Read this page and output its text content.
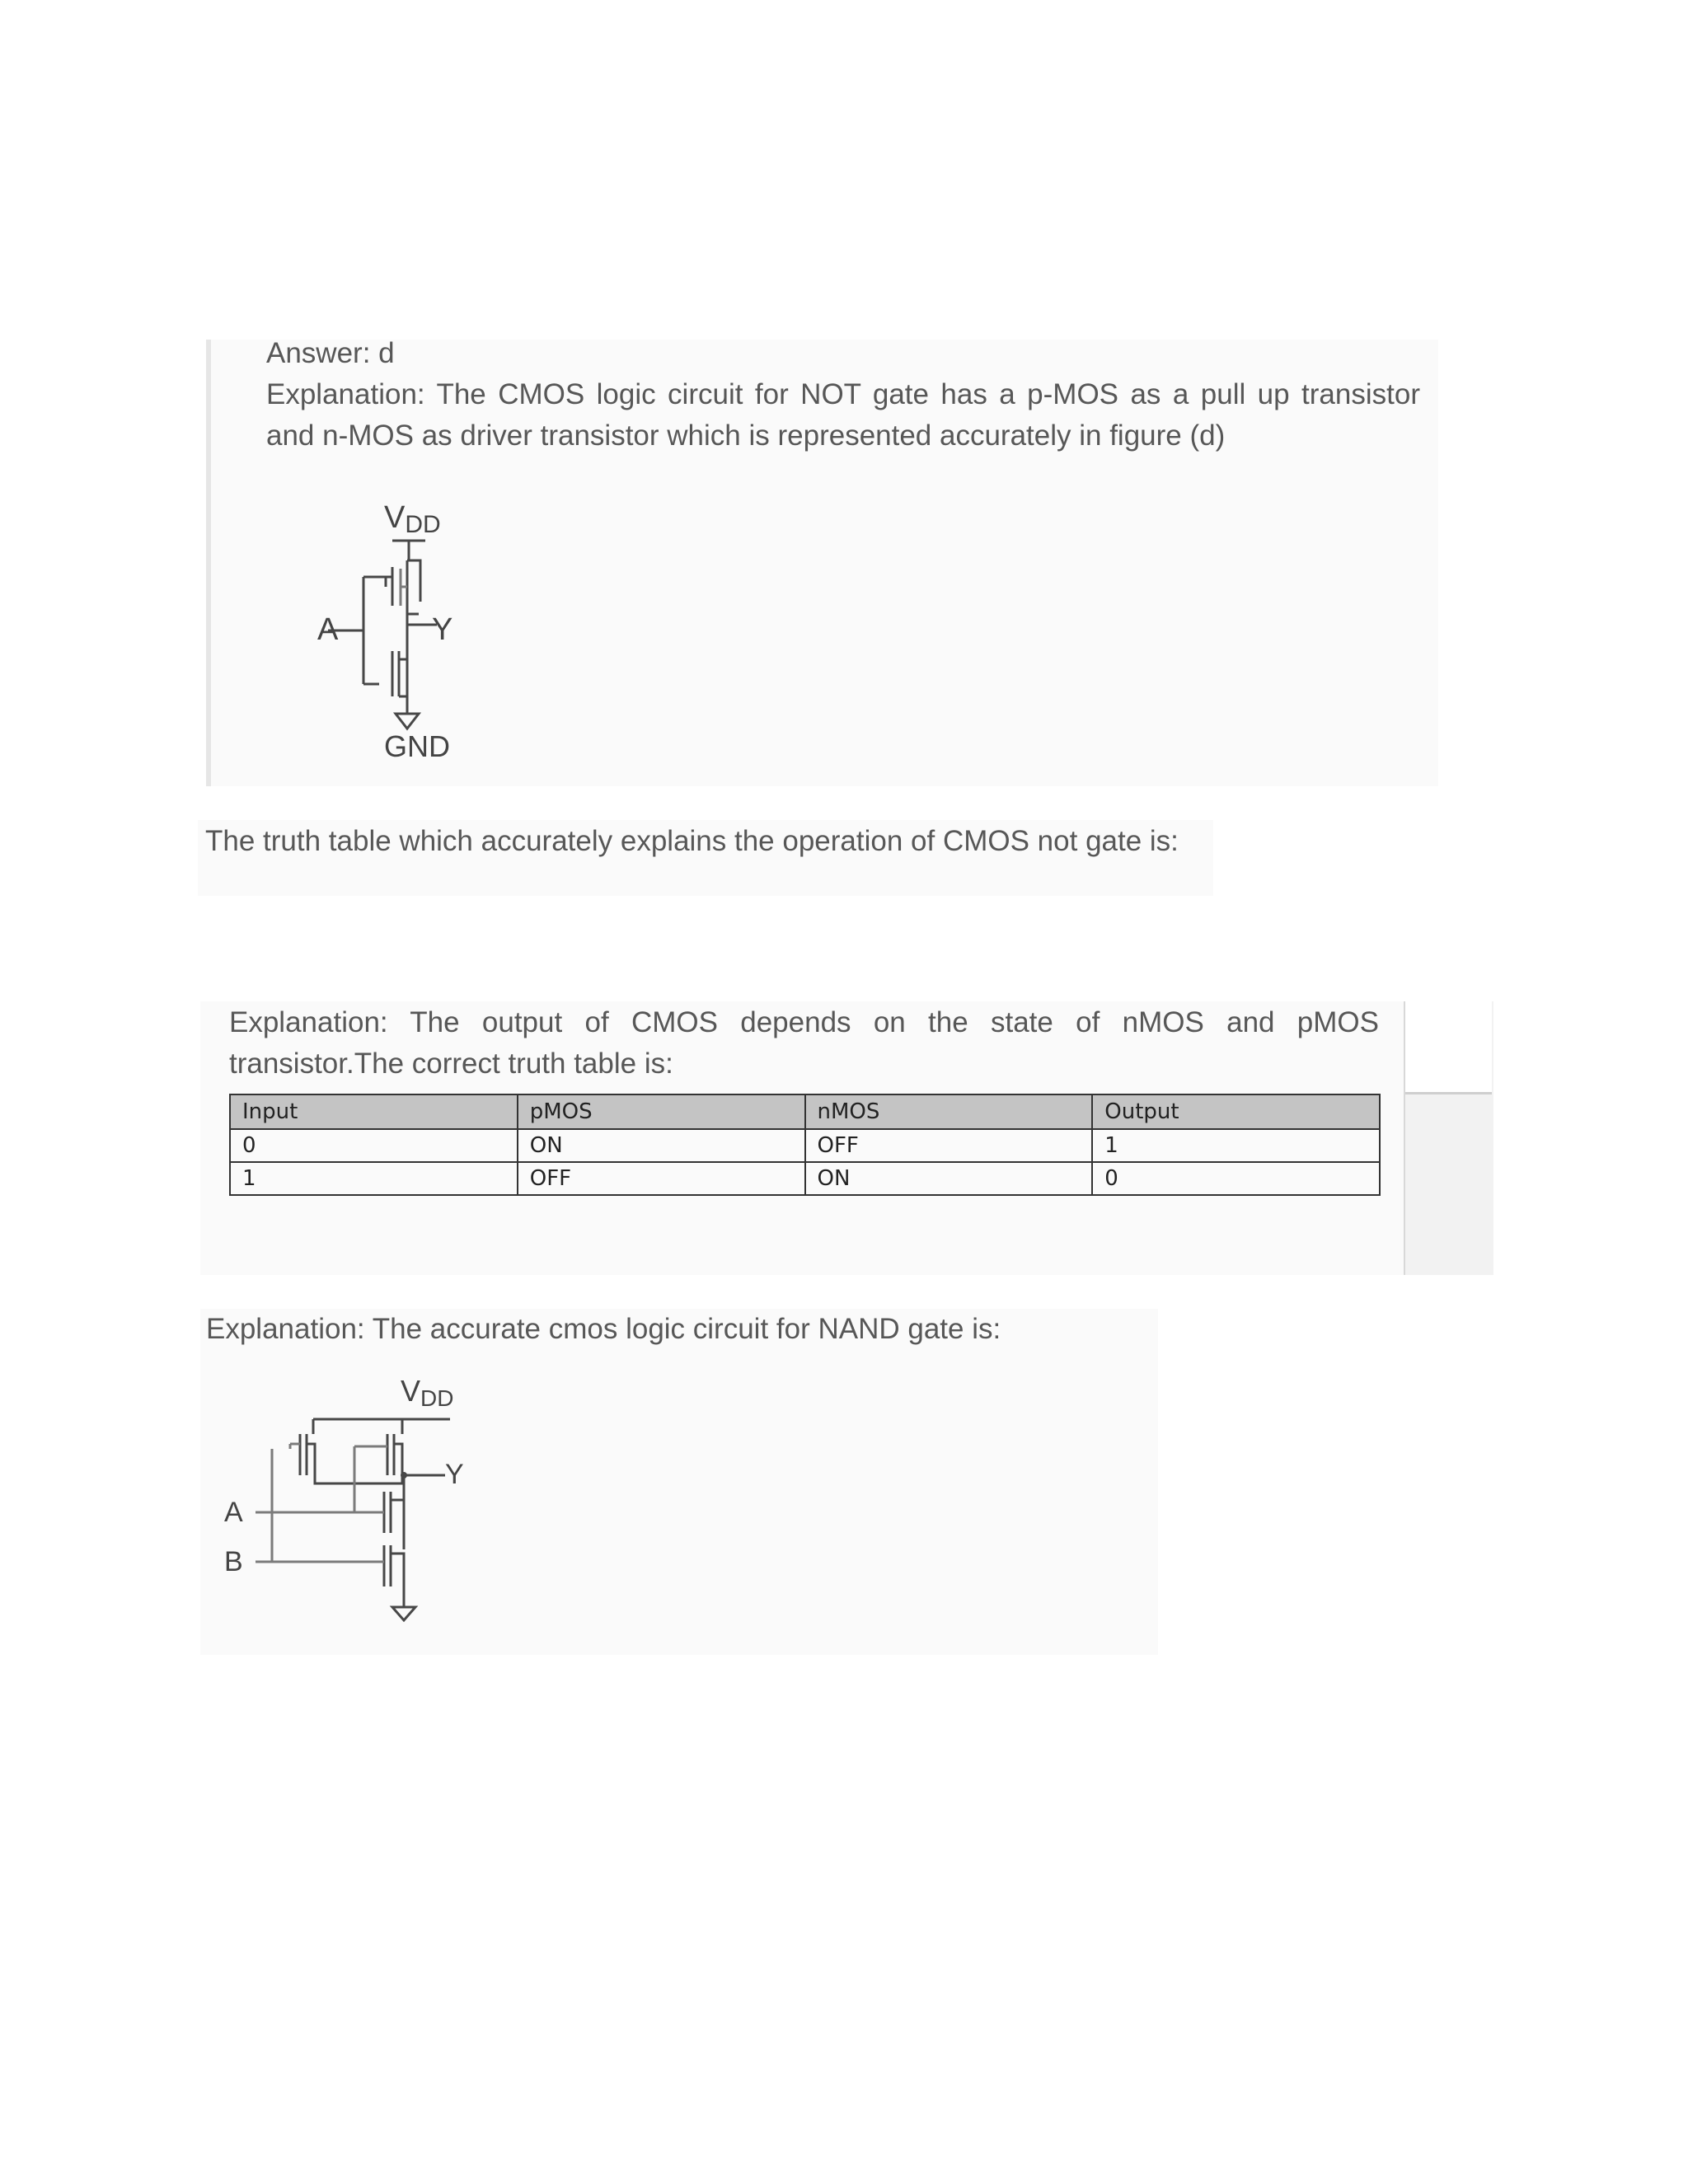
Answer: d
Explanation: The CMOS logic circuit for NOT gate has a p-MOS as a pull up transistor
and n-MOS as driver transistor which is represented accurately in figure (d)
VDD
A	Y
GND
The truth table which accurately explains the operation of CMOS not gate is:
Explanation: The output of CMOS depends on the state of nMOS and pMOS
transistor.The correct truth table is:
Input	pMOS	nMOS	Output
0	ON	OFF	1
1	OFF	ON	0
Explanation: The accurate cmos logic circuit for NAND gate is:
VDD
Y
A
B
